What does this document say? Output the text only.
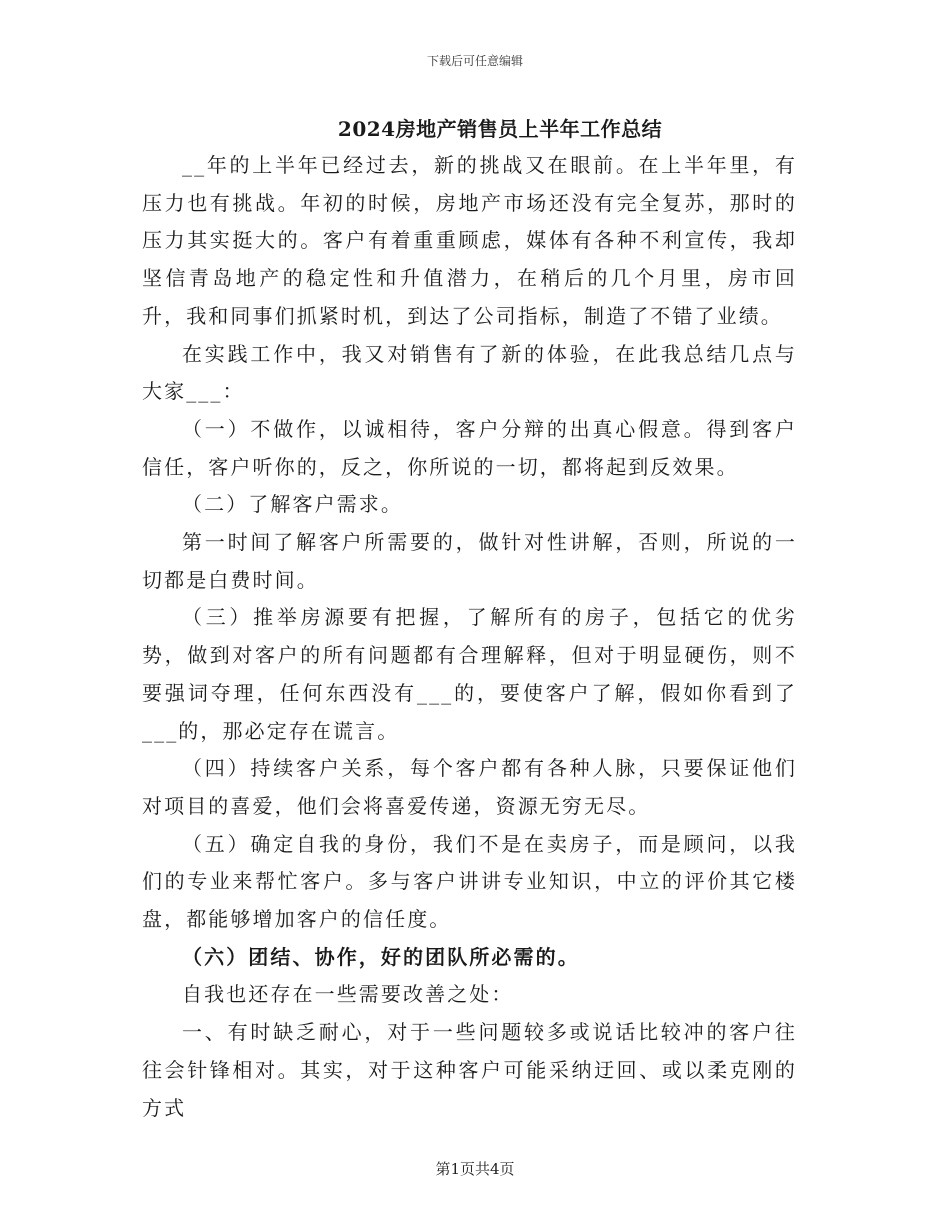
下载后可任意编辑
2024房地产销售员上半年工作总结

__年的上半年已经过去，新的挑战又在眼前。在上半年里，有压力也有挑战。年初的时候，房地产市场还没有完全复苏，那时的压力其实挺大的。客户有着重重顾虑，媒体有各种不利宣传，我却坚信青岛地产的稳定性和升值潜力，在稍后的几个月里，房市回升，我和同事们抓紧时机，到达了公司指标，制造了不错了业绩。

在实践工作中，我又对销售有了新的体验，在此我总结几点与大家___：

（一）不做作，以诚相待，客户分辩的出真心假意。得到客户信任，客户听你的，反之，你所说的一切，都将起到反效果。

（二）了解客户需求。

第一时间了解客户所需要的，做针对性讲解，否则，所说的一切都是白费时间。

（三）推举房源要有把握，了解所有的房子，包括它的优劣势，做到对客户的所有问题都有合理解释，但对于明显硬伤，则不要强词夺理，任何东西没有___的，要使客户了解，假如你看到了___的，那必定存在谎言。

（四）持续客户关系，每个客户都有各种人脉，只要保证他们对项目的喜爱，他们会将喜爱传递，资源无穷无尽。

（五）确定自我的身份，我们不是在卖房子，而是顾问，以我们的专业来帮忙客户。多与客户讲讲专业知识，中立的评价其它楼盘，都能够增加客户的信任度。

（六）团结、协作，好的团队所必需的。

自我也还存在一些需要改善之处：

一、有时缺乏耐心，对于一些问题较多或说话比较冲的客户往往会针锋相对。其实，对于这种客户可能采纳迂回、或以柔克刚的方式

第1页共4页
